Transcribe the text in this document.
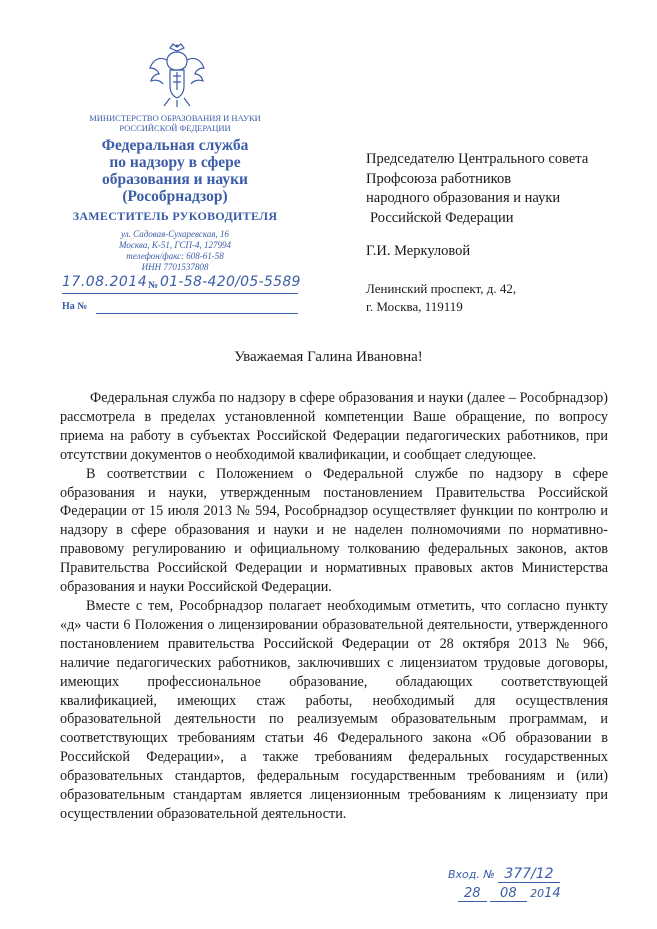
МИНИСТЕРСТВО ОБРАЗОВАНИЯ И НАУКИ РОССИЙСКОЙ ФЕДЕРАЦИИ
Федеральная служба
по надзору в сфере
образования и науки
(Рособрнадзор)
ЗАМЕСТИТЕЛЬ РУКОВОДИТЕЛЯ
ул. Садовая-Сухаревская, 16
Москва, К-51, ГСП-4, 127994
телефон/факс: 608-61-58
ИНН 7701537808
17.08.2014 № 01-58-420/05-5589
На №
Председателю Центрального совета
Профсоюза работников
народного образования и науки
Российской Федерации
Г.И. Меркуловой
Ленинский проспект, д. 42,
г. Москва, 119119
Уважаемая Галина Ивановна!

Федеральная служба по надзору в сфере образования и науки (далее – Рособрнадзор) рассмотрела в пределах установленной компетенции Ваше обращение, по вопросу приема на работу в субъектах Российской Федерации педагогических работников, при отсутствии документов о необходимой квалификации, и сообщает следующее.

В соответствии с Положением о Федеральной службе по надзору в сфере образования и науки, утвержденным постановлением Правительства Российской Федерации от 15 июля 2013 № 594, Рособрнадзор осуществляет функции по контролю и надзору в сфере образования и науки и не наделен полномочиями по нормативно-правовому регулированию и официальному толкованию федеральных законов, актов Правительства Российской Федерации и нормативных правовых актов Министерства образования и науки Российской Федерации.

Вместе с тем, Рособрнадзор полагает необходимым отметить, что согласно пункту «д» части 6 Положения о лицензировании образовательной деятельности, утвержденного постановлением правительства Российской Федерации от 28 октября 2013 № 966, наличие педагогических работников, заключивших с лицензиатом трудовые договоры, имеющих профессиональное образование, обладающих соответствующей квалификацией, имеющих стаж работы, необходимый для осуществления образовательной деятельности по реализуемым образовательным программам, и соответствующих требованиям статьи 46 Федерального закона «Об образовании в Российской Федерации», а также требованиям федеральных государственных образовательных стандартов, федеральным государственным требованиям и (или) образовательным стандартам является лицензионным требованиям к лицензиату при осуществлении образовательной деятельности.

Вход. № 377/12
28 08 2014
